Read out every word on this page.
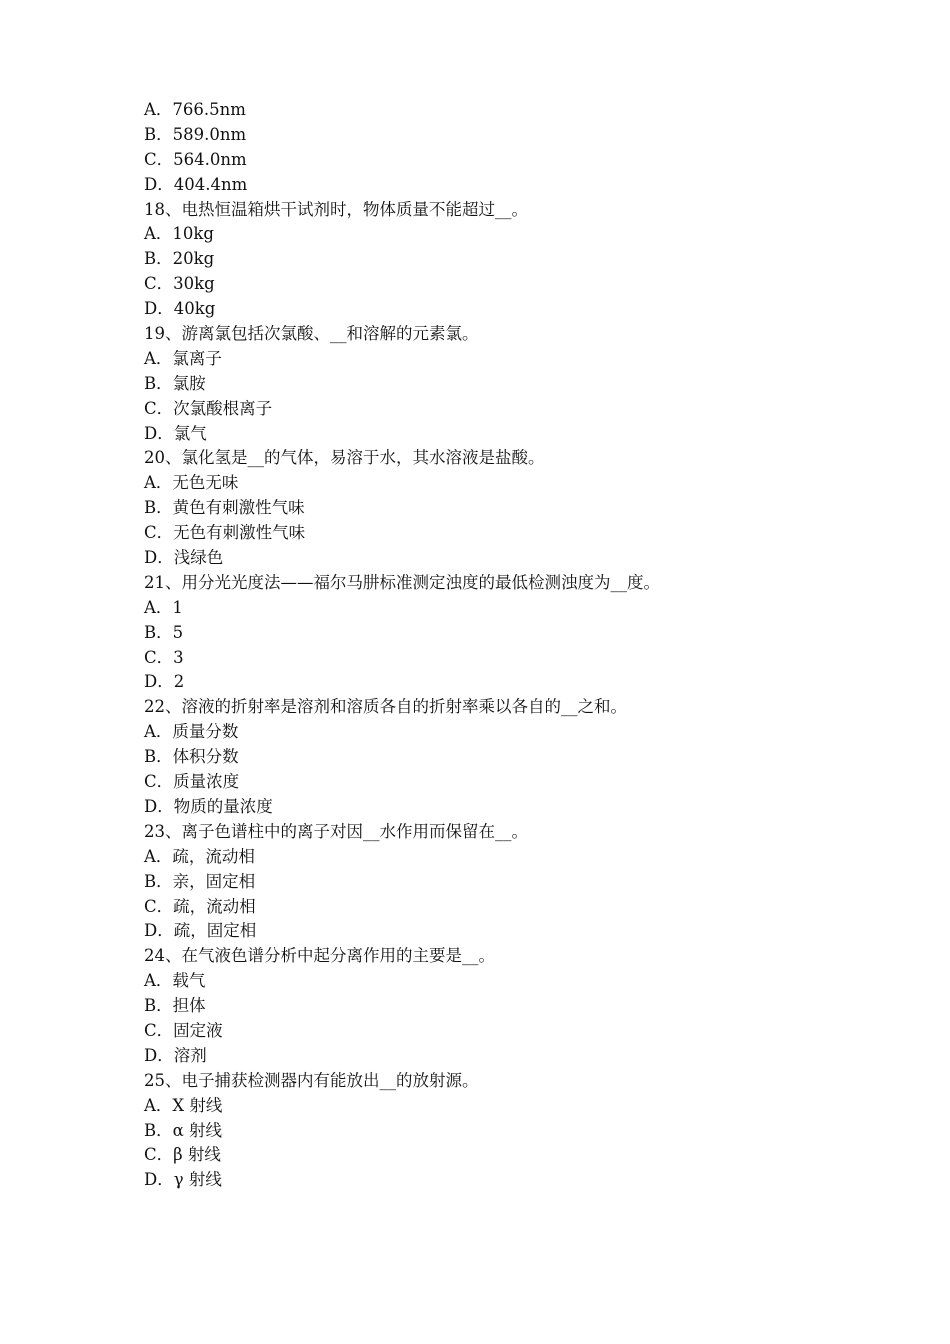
A．766.5nm
B．589.0nm
C．564.0nm
D．404.4nm
18、电热恒温箱烘干试剂时，物体质量不能超过__。
A．10kg
B．20kg
C．30kg
D．40kg
19、游离氯包括次氯酸、__和溶解的元素氯。
A．氯离子
B．氯胺
C．次氯酸根离子
D．氯气
20、氯化氢是__的气体，易溶于水，其水溶液是盐酸。
A．无色无味
B．黄色有刺激性气味
C．无色有刺激性气味
D．浅绿色
21、用分光光度法——福尔马肼标准测定浊度的最低检测浊度为__度。
A．1
B．5
C．3
D．2
22、溶液的折射率是溶剂和溶质各自的折射率乘以各自的__之和。
A．质量分数
B．体积分数
C．质量浓度
D．物质的量浓度
23、离子色谱柱中的离子对因__水作用而保留在__。
A．疏，流动相
B．亲，固定相
C．疏，流动相
D．疏，固定相
24、在气液色谱分析中起分离作用的主要是__。
A．载气
B．担体
C．固定液
D．溶剂
25、电子捕获检测器内有能放出__的放射源。
A．X 射线
B．α 射线
C．β 射线
D．γ 射线
